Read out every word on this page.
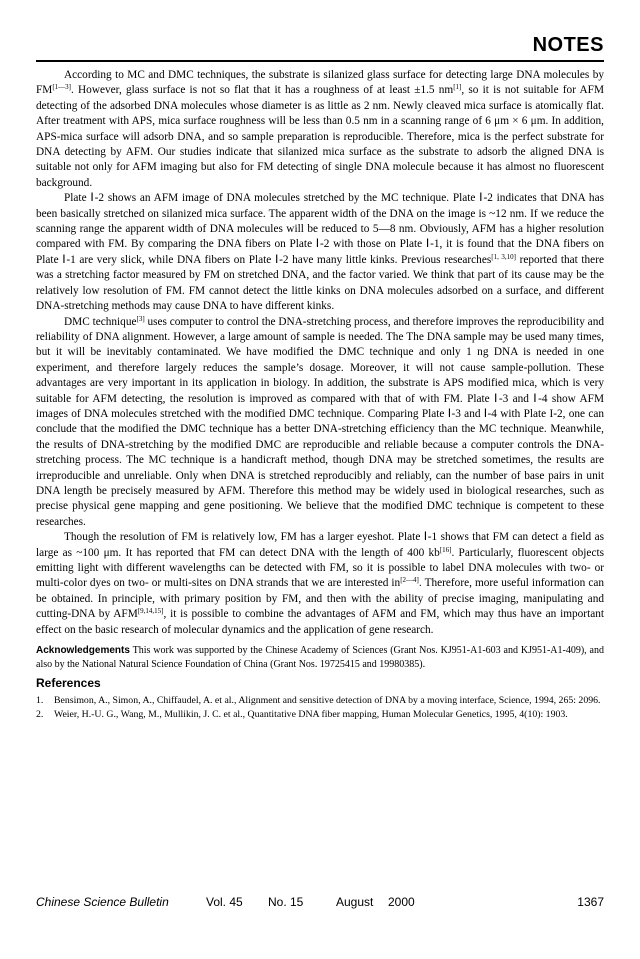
NOTES

According to MC and DMC techniques, the substrate is silanized glass surface for detecting large DNA molecules by FM[1—3]. However, glass surface is not so flat that it has a roughness of at least ±1.5 nm[1], so it is not suitable for AFM detecting of the adsorbed DNA molecules whose diameter is as little as 2 nm. Newly cleaved mica surface is atomically flat. After treatment with APS, mica surface roughness will be less than 0.5 nm in a scanning range of 6 μm × 6 μm. In addition, APS-mica surface will adsorb DNA, and so sample preparation is reproducible. Therefore, mica is the perfect substrate for DNA detecting by AFM. Our studies indicate that silanized mica surface as the substrate to adsorb the aligned DNA is suitable not only for AFM imaging but also for FM detecting of single DNA molecule because it has almost no fluorescent background.

Plate Ⅰ-2 shows an AFM image of DNA molecules stretched by the MC technique. Plate Ⅰ-2 indicates that DNA has been basically stretched on silanized mica surface. The apparent width of the DNA on the image is ~12 nm. If we reduce the scanning range the apparent width of DNA molecules will be reduced to 5—8 nm. Obviously, AFM has a higher resolution compared with FM. By comparing the DNA fibers on Plate Ⅰ-2 with those on Plate Ⅰ-1, it is found that the DNA fibers on Plate Ⅰ-1 are very slick, while DNA fibers on Plate Ⅰ-2 have many little kinks. Previous researches[1, 3,10] reported that there was a stretching factor measured by FM on stretched DNA, and the factor varied. We think that part of its cause may be the relatively low resolution of FM. FM cannot detect the little kinks on DNA molecules adsorbed on a surface, and different DNA-stretching methods may cause DNA to have different kinks.

DMC technique[3] uses computer to control the DNA-stretching process, and therefore improves the reproducibility and reliability of DNA alignment. However, a large amount of sample is needed. The The DNA sample may be used many times, but it will be inevitably contaminated. We have modified the DMC technique and only 1 ng DNA is needed in one experiment, and therefore largely reduces the sample’s dosage. Moreover, it will not cause sample-pollution. These advantages are very important in its application in biology. In addition, the substrate is APS modified mica, which is very suitable for AFM detecting, the resolution is improved as compared with that of with FM. Plate Ⅰ-3 and Ⅰ-4 show AFM images of DNA molecules stretched with the modified DMC technique. Comparing Plate Ⅰ-3 and Ⅰ-4 with Plate I-2, one can conclude that the modified the DMC technique has a better DNA-stretching efficiency than the MC technique. Meanwhile, the results of DNA-stretching by the modified DMC are reproducible and reliable because a computer controls the DNA-stretching process. The MC technique is a handicraft method, though DNA may be stretched sometimes, the results are irreproducible and unreliable. Only when DNA is stretched reproducibly and reliably, can the number of base pairs in unit DNA length be precisely measured by AFM. Therefore this method may be widely used in biological researches, such as precise physical gene mapping and gene positioning. We believe that the modified DMC technique is competent to these researches.

Though the resolution of FM is relatively low, FM has a larger eyeshot. Plate Ⅰ-1 shows that FM can detect a field as large as ~100 μm. It has reported that FM can detect DNA with the length of 400 kb[16]. Particularly, fluorescent objects emitting light with different wavelengths can be detected with FM, so it is possible to label DNA molecules with two- or multi-color dyes on two- or multi-sites on DNA strands that we are interested in[2—4]. Therefore, more useful information can be obtained. In principle, with primary position by FM, and then with the ability of precise imaging, manipulating and cutting-DNA by AFM[9,14,15], it is possible to combine the advantages of AFM and FM, which may thus have an important effect on the basic research of molecular dynamics and the application of gene research.

Acknowledgements This work was supported by the Chinese Academy of Sciences (Grant Nos. KJ951-A1-603 and KJ951-A1-409), and also by the National Natural Science Foundation of China (Grant Nos. 19725415 and 19980385).
References
1.	Bensimon, A., Simon, A., Chiffaudel, A. et al., Alignment and sensitive detection of DNA by a moving interface, Science, 1994, 265: 2096.
2.	Weier, H.-U. G., Wang, M., Mullikin, J. C. et al., Quantitative DNA fiber mapping, Human Molecular Genetics, 1995, 4(10): 1903.
Chinese Science Bulletin	Vol. 45 No. 15	August 2000	1367
